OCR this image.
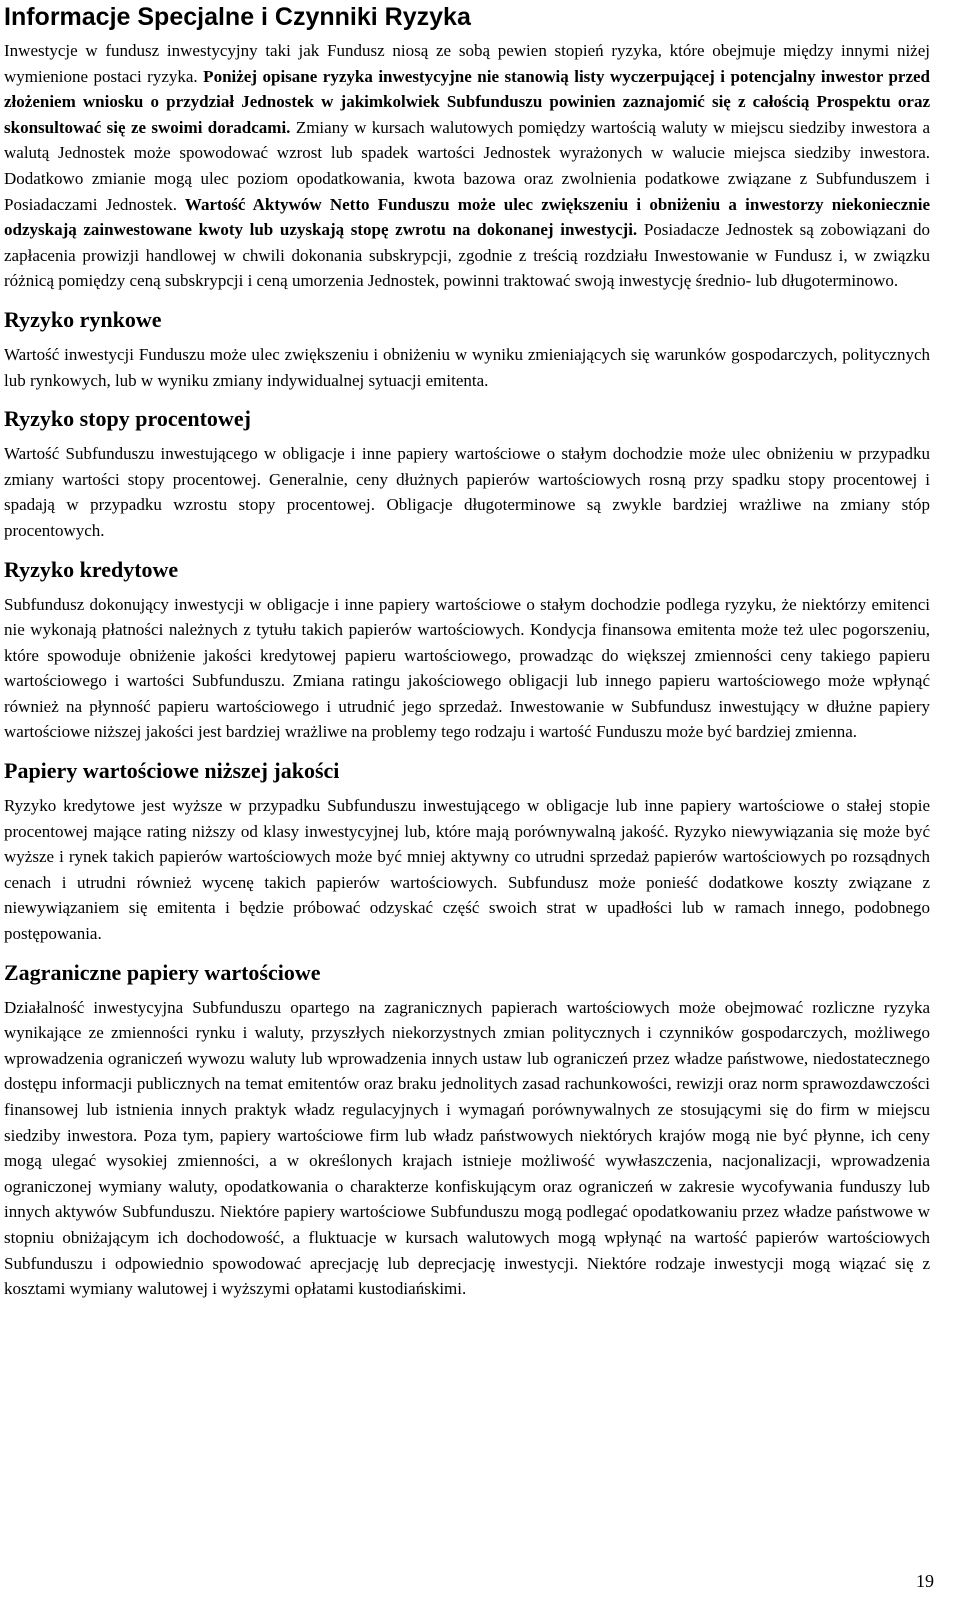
Informacje Specjalne i Czynniki Ryzyka

Inwestycje w fundusz inwestycyjny taki jak Fundusz niosą ze sobą pewien stopień ryzyka, które obejmuje między innymi niżej wymienione postaci ryzyka. Poniżej opisane ryzyka inwestycyjne nie stanowią listy wyczerpującej i potencjalny inwestor przed złożeniem wniosku o przydział Jednostek w jakimkolwiek Subfunduszu powinien zaznajomić się z całością Prospektu oraz skonsultować się ze swoimi doradcami. Zmiany w kursach walutowych pomiędzy wartością waluty w miejscu siedziby inwestora a walutą Jednostek może spowodować wzrost lub spadek wartości Jednostek wyrażonych w walucie miejsca siedziby inwestora. Dodatkowo zmianie mogą ulec poziom opodatkowania, kwota bazowa oraz zwolnienia podatkowe związane z Subfunduszem i Posiadaczami Jednostek. Wartość Aktywów Netto Funduszu może ulec zwiększeniu i obniżeniu a inwestorzy niekoniecznie odzyskają zainwestowane kwoty lub uzyskają stopę zwrotu na dokonanej inwestycji. Posiadacze Jednostek są zobowiązani do zapłacenia prowizji handlowej w chwili dokonania subskrypcji, zgodnie z treścią rozdziału Inwestowanie w Fundusz i, w związku różnicą pomiędzy ceną subskrypcji i ceną umorzenia Jednostek, powinni traktować swoją inwestycję średnio- lub długoterminowo.

Ryzyko rynkowe

Wartość inwestycji Funduszu może ulec zwiększeniu i obniżeniu w wyniku zmieniających się warunków gospodarczych, politycznych lub rynkowych, lub w wyniku zmiany indywidualnej sytuacji emitenta.

Ryzyko stopy procentowej

Wartość Subfunduszu inwestującego w obligacje i inne papiery wartościowe o stałym dochodzie może ulec obniżeniu w przypadku zmiany wartości stopy procentowej. Generalnie, ceny dłużnych papierów wartościowych rosną przy spadku stopy procentowej i spadają w przypadku wzrostu stopy procentowej. Obligacje długoterminowe są zwykle bardziej wrażliwe na zmiany stóp procentowych.

Ryzyko kredytowe

Subfundusz dokonujący inwestycji w obligacje i inne papiery wartościowe o stałym dochodzie podlega ryzyku, że niektórzy emitenci nie wykonają płatności należnych z tytułu takich papierów wartościowych. Kondycja finansowa emitenta może też ulec pogorszeniu, które spowoduje obniżenie jakości kredytowej papieru wartościowego, prowadząc do większej zmienności ceny takiego papieru wartościowego i wartości Subfunduszu. Zmiana ratingu jakościowego obligacji lub innego papieru wartościowego może wpłynąć również na płynność papieru wartościowego i utrudnić jego sprzedaż. Inwestowanie w Subfundusz inwestujący w dłużne papiery wartościowe niższej jakości jest bardziej wrażliwe na problemy tego rodzaju i wartość Funduszu może być bardziej zmienna.

Papiery wartościowe niższej jakości

Ryzyko kredytowe jest wyższe w przypadku Subfunduszu inwestującego w obligacje lub inne papiery wartościowe o stałej stopie procentowej mające rating niższy od klasy inwestycyjnej lub, które mają porównywalną jakość. Ryzyko niewywiązania się może być wyższe i rynek takich papierów wartościowych może być mniej aktywny co utrudni sprzedaż papierów wartościowych po rozsądnych cenach i utrudni również wycenę takich papierów wartościowych. Subfundusz może ponieść dodatkowe koszty związane z niewywiązaniem się emitenta i będzie próbować odzyskać część swoich strat w upadłości lub w ramach innego, podobnego postępowania.

Zagraniczne papiery wartościowe

Działalność inwestycyjna Subfunduszu opartego na zagranicznych papierach wartościowych może obejmować rozliczne ryzyka wynikające ze zmienności rynku i waluty, przyszłych niekorzystnych zmian politycznych i czynników gospodarczych, możliwego wprowadzenia ograniczeń wywozu waluty lub wprowadzenia innych ustaw lub ograniczeń przez władze państwowe, niedostatecznego dostępu informacji publicznych na temat emitentów oraz braku jednolitych zasad rachunkowości, rewizji oraz norm sprawozdawczości finansowej lub istnienia innych praktyk władz regulacyjnych i wymagań porównywalnych ze stosującymi się do firm w miejscu siedziby inwestora. Poza tym, papiery wartościowe firm lub władz państwowych niektórych krajów mogą nie być płynne, ich ceny mogą ulegać wysokiej zmienności, a w określonych krajach istnieje możliwość wywłaszczenia, nacjonalizacji, wprowadzenia ograniczonej wymiany waluty, opodatkowania o charakterze konfiskującym oraz ograniczeń w zakresie wycofywania funduszy lub innych aktywów Subfunduszu. Niektóre papiery wartościowe Subfunduszu mogą podlegać opodatkowaniu przez władze państwowe w stopniu obniżającym ich dochodowość, a fluktuacje w kursach walutowych mogą wpłynąć na wartość papierów wartościowych Subfunduszu i odpowiednio spowodować aprecjację lub deprecjację inwestycji. Niektóre rodzaje inwestycji mogą wiązać się z kosztami wymiany walutowej i wyższymi opłatami kustodiańskimi.

19
